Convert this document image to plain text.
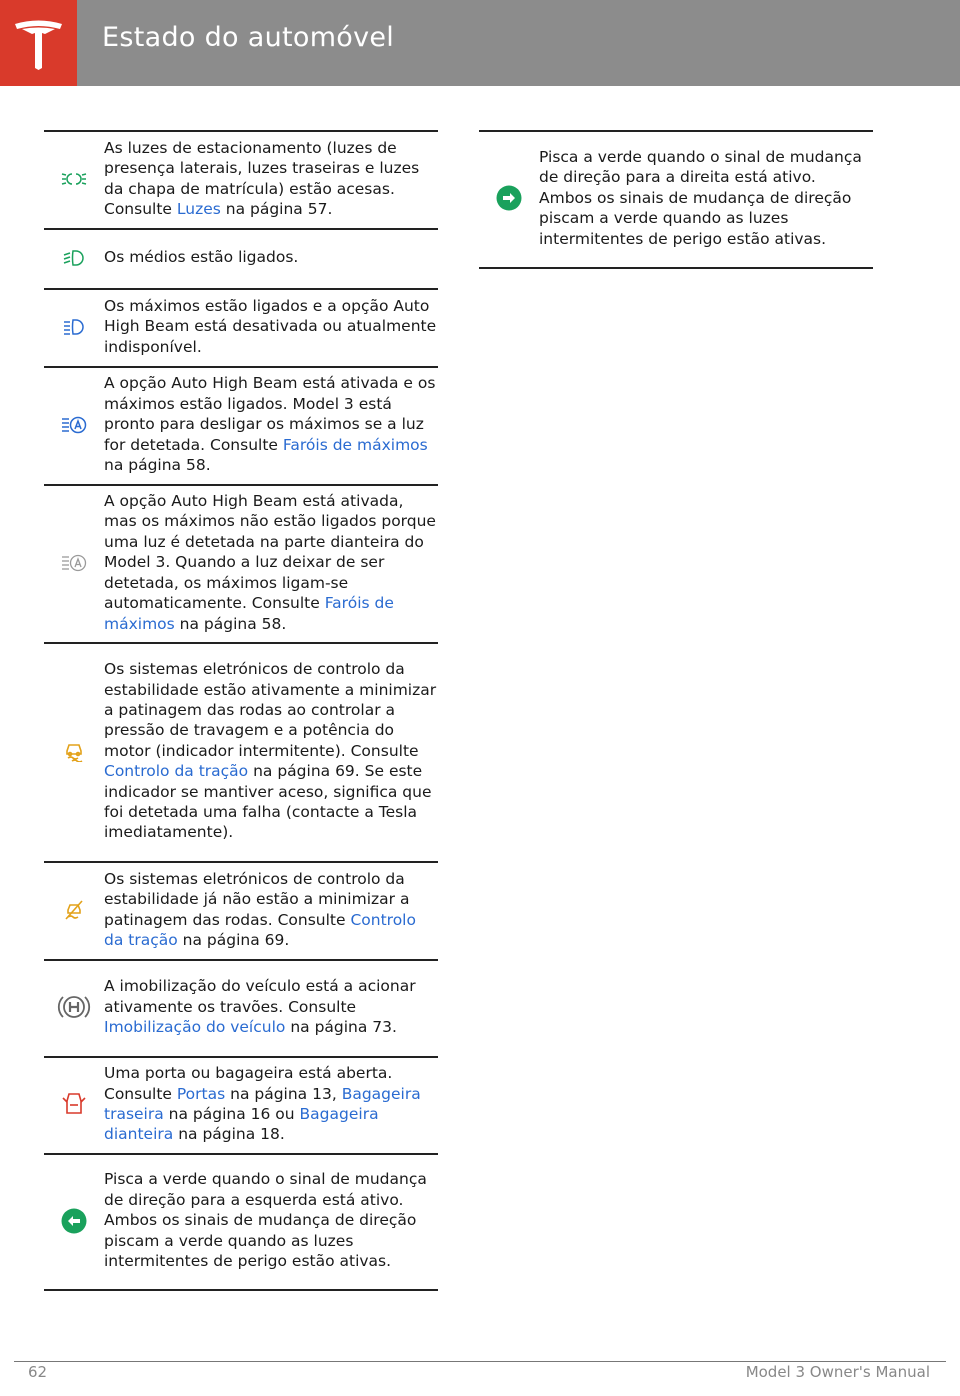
Estado do automóvel
As luzes de estacionamento (luzes de presença laterais, luzes traseiras e luzes da chapa de matrícula) estão acesas. Consulte Luzes na página 57.
Os médios estão ligados.
Os máximos estão ligados e a opção Auto High Beam está desativada ou atualmente indisponível.
A opção Auto High Beam está ativada e os máximos estão ligados. Model 3 está pronto para desligar os máximos se a luz for detetada. Consulte Faróis de máximos na página 58.
A opção Auto High Beam está ativada, mas os máximos não estão ligados porque uma luz é detetada na parte dianteira do Model 3. Quando a luz deixar de ser detetada, os máximos ligam-se automaticamente. Consulte Faróis de máximos na página 58.
Os sistemas eletrónicos de controlo da estabilidade estão ativamente a minimizar a patinagem das rodas ao controlar a pressão de travagem e a potência do motor (indicador intermitente). Consulte Controlo da tração na página 69. Se este indicador se mantiver aceso, significa que foi detetada uma falha (contacte a Tesla imediatamente).
Os sistemas eletrónicos de controlo da estabilidade já não estão a minimizar a patinagem das rodas. Consulte Controlo da tração na página 69.
A imobilização do veículo está a acionar ativamente os travões. Consulte Imobilização do veículo na página 73.
Uma porta ou bagageira está aberta. Consulte Portas na página 13, Bagageira traseira na página 16 ou Bagageira dianteira na página 18.
Pisca a verde quando o sinal de mudança de direção para a esquerda está ativo. Ambos os sinais de mudança de direção piscam a verde quando as luzes intermitentes de perigo estão ativas.
Pisca a verde quando o sinal de mudança de direção para a direita está ativo. Ambos os sinais de mudança de direção piscam a verde quando as luzes intermitentes de perigo estão ativas.
62	Model 3 Owner's Manual
